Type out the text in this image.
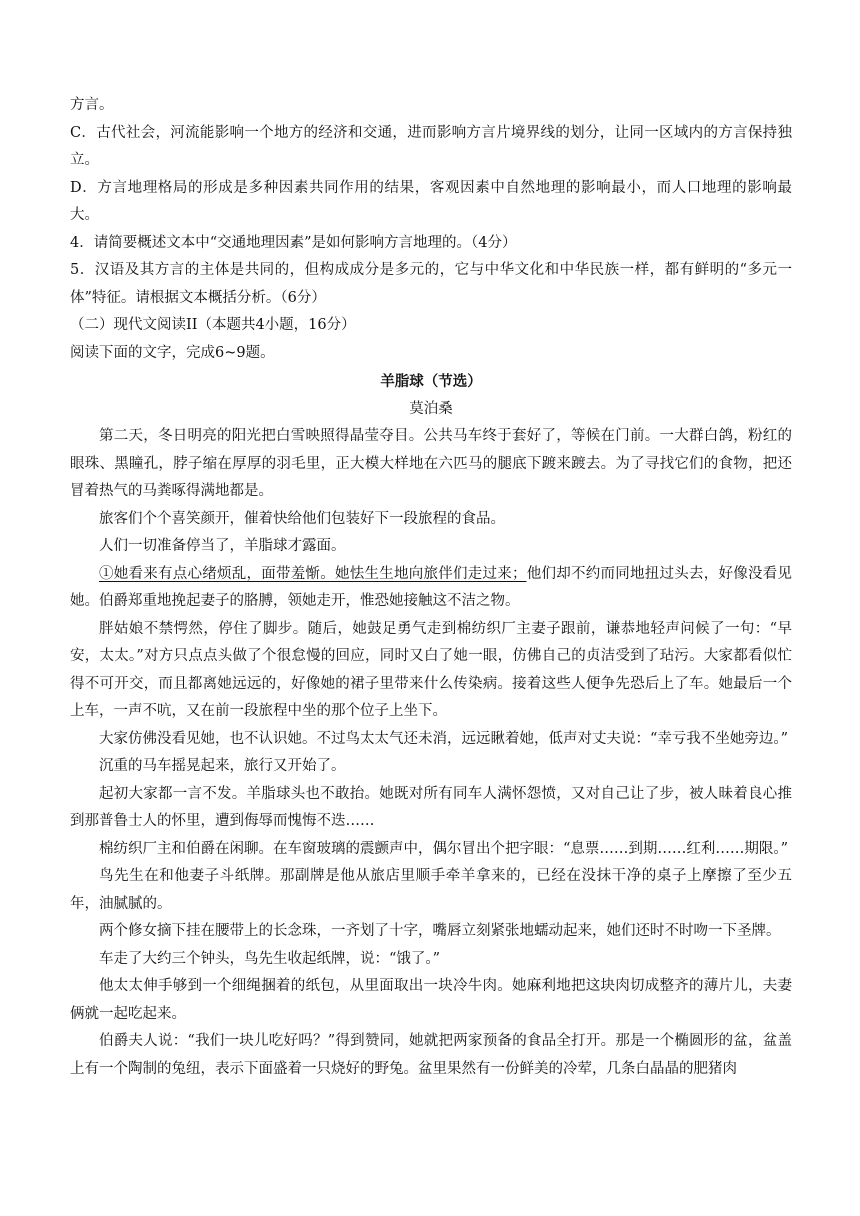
方言。

C．古代社会，河流能影响一个地方的经济和交通，进而影响方言片境界线的划分，让同一区域内的方言保持独立。

D．方言地理格局的形成是多种因素共同作用的结果，客观因素中自然地理的影响最小，而人口地理的影响最大。

4．请简要概述文本中“交通地理因素”是如何影响方言地理的。（4分）

5．汉语及其方言的主体是共同的，但构成成分是多元的，它与中华文化和中华民族一样，都有鲜明的“多元一体”特征。请根据文本概括分析。（6分）

（二）现代文阅读II（本题共4小题，16分）

阅读下面的文字，完成6~9题。

羊脂球（节选）

莫泊桑

第二天，冬日明亮的阳光把白雪映照得晶莹夺目。公共马车终于套好了，等候在门前。一大群白鸽，粉红的眼珠、黑瞳孔，脖子缩在厚厚的羽毛里，正大模大样地在六匹马的腿底下踱来踱去。为了寻找它们的食物，把还冒着热气的马粪啄得满地都是。

旅客们个个喜笑颜开，催着快给他们包装好下一段旅程的食品。

人们一切准备停当了，羊脂球才露面。

①她看来有点心绪烦乱，面带羞惭。她怯生生地向旅伴们走过来；他们却不约而同地扭过头去，好像没看见她。伯爵郑重地挽起妻子的胳膊，领她走开，惟恐她接触这不洁之物。

胖姑娘不禁愕然，停住了脚步。随后，她鼓足勇气走到棉纺织厂主妻子跟前，谦恭地轻声问候了一句：“早安，太太。”对方只点点头做了个很怠慢的回应，同时又白了她一眼，仿佛自己的贞洁受到了玷污。大家都看似忙得不可开交，而且都离她远远的，好像她的裙子里带来什么传染病。接着这些人便争先恐后上了车。她最后一个上车，一声不吭，又在前一段旅程中坐的那个位子上坐下。

大家仿佛没看见她，也不认识她。不过鸟太太气还未消，远远瞅着她，低声对丈夫说：“幸亏我不坐她旁边。”

沉重的马车摇晃起来，旅行又开始了。

起初大家都一言不发。羊脂球头也不敢抬。她既对所有同车人满怀怨愤，又对自己让了步，被人昧着良心推到那普鲁士人的怀里，遭到侮辱而愧悔不迭……

棉纺织厂主和伯爵在闲聊。在车窗玻璃的震颤声中，偶尔冒出个把字眼：“息票……到期……红利……期限。”

鸟先生在和他妻子斗纸牌。那副牌是他从旅店里顺手牵羊拿来的，已经在没抹干净的桌子上摩擦了至少五年，油腻腻的。

两个修女摘下挂在腰带上的长念珠，一齐划了十字，嘴唇立刻紧张地蠕动起来，她们还时不时吻一下圣牌。

车走了大约三个钟头，鸟先生收起纸牌，说：“饿了。”

他太太伸手够到一个细绳捆着的纸包，从里面取出一块冷牛肉。她麻利地把这块肉切成整齐的薄片儿，夫妻俩就一起吃起来。

伯爵夫人说：“我们一块儿吃好吗？”得到赞同，她就把两家预备的食品全打开。那是一个椭圆形的盆，盆盖上有一个陶制的兔纽，表示下面盛着一只烧好的野兔。盆里果然有一份鲜美的冷荤，几条白晶晶的肥猪肉
